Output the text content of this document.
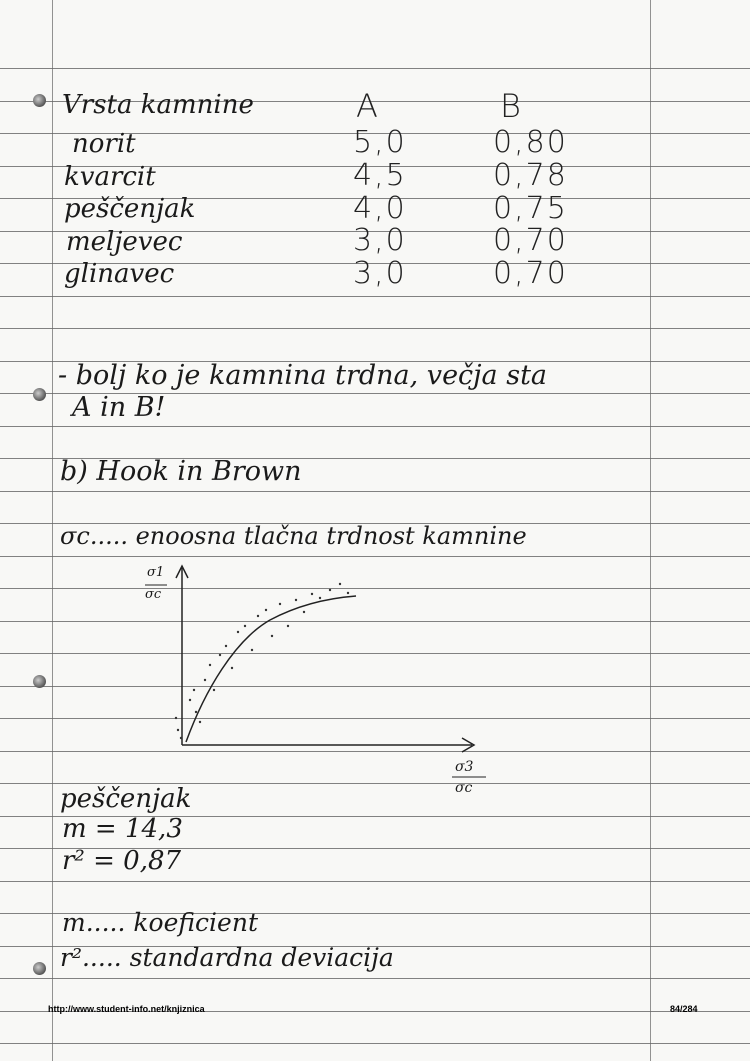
Vrsta kamnine	A	B
norit	5,0	0,80
kvarcit	4,5	0,78
peščenjak	4,0	0,75
meljevec	3,0	0,70
glinavec	3,0	0,70
- bolj ko je kamnina trdna, večja sta
A in B!
b) Hook in Brown
σc..... enoosna tlačna trdnost kamnine
σ1
σc
σ3
σc
peščenjak
m = 14,3
r² = 0,87
m..... koeficient
r²..... standardna deviacija
http://www.student-info.net/knjiznica	84/284
